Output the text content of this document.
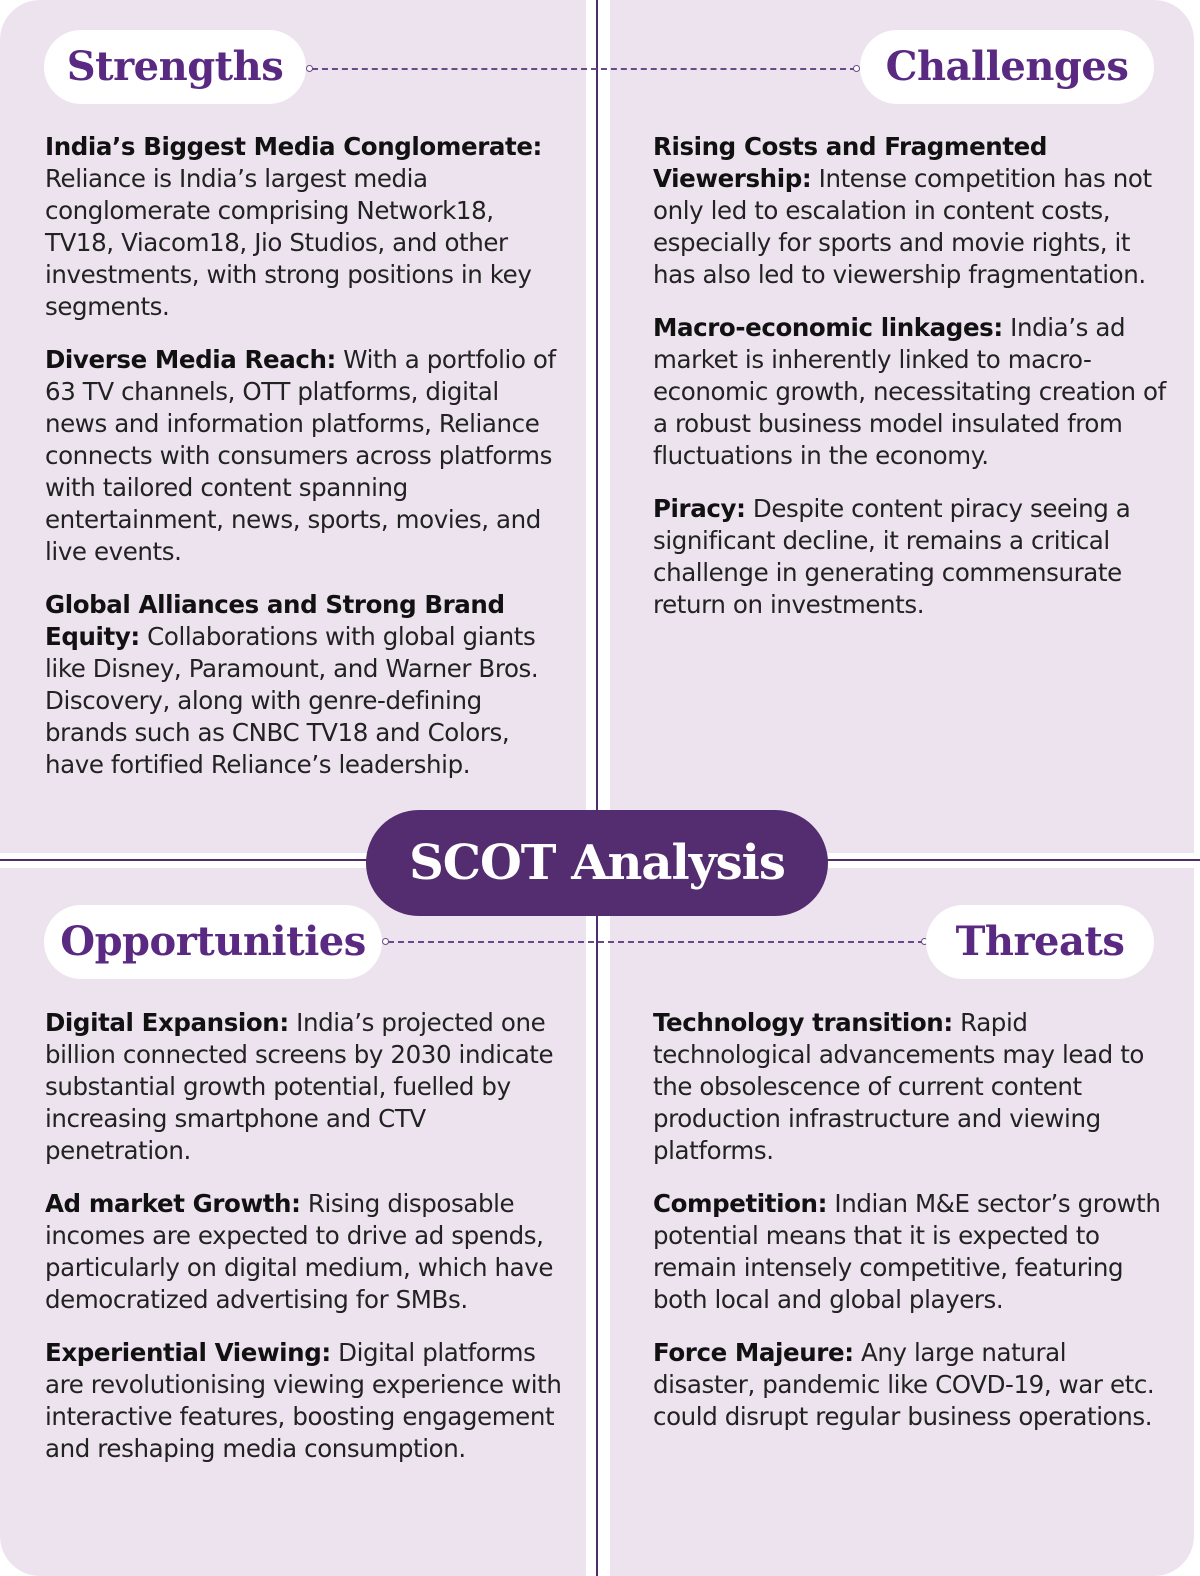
Strengths	Challenges
Opportunities	Threats
SCOT Analysis

India’s Biggest Media Conglomerate: Reliance is India’s largest media conglomerate comprising Network18, TV18, Viacom18, Jio Studios, and other investments, with strong positions in key segments.

Diverse Media Reach: With a portfolio of 63 TV channels, OTT platforms, digital news and information platforms, Reliance connects with consumers across platforms with tailored content spanning entertainment, news, sports, movies, and live events.

Global Alliances and Strong Brand Equity: Collaborations with global giants like Disney, Paramount, and Warner Bros. Discovery, along with genre-defining brands such as CNBC TV18 and Colors, have fortified Reliance’s leadership.

Rising Costs and Fragmented Viewership: Intense competition has not only led to escalation in content costs, especially for sports and movie rights, it has also led to viewership fragmentation.

Macro-economic linkages: India’s ad market is inherently linked to macro-economic growth, necessitating creation of a robust business model insulated from fluctuations in the economy.

Piracy: Despite content piracy seeing a significant decline, it remains a critical challenge in generating commensurate return on investments.

Digital Expansion: India’s projected one billion connected screens by 2030 indicate substantial growth potential, fuelled by increasing smartphone and CTV penetration.

Ad market Growth: Rising disposable incomes are expected to drive ad spends, particularly on digital medium, which have democratized advertising for SMBs.

Experiential Viewing: Digital platforms are revolutionising viewing experience with interactive features, boosting engagement and reshaping media consumption.

Technology transition: Rapid technological advancements may lead to the obsolescence of current content production infrastructure and viewing platforms.

Competition: Indian M&E sector’s growth potential means that it is expected to remain intensely competitive, featuring both local and global players.

Force Majeure: Any large natural disaster, pandemic like COVD-19, war etc. could disrupt regular business operations.
